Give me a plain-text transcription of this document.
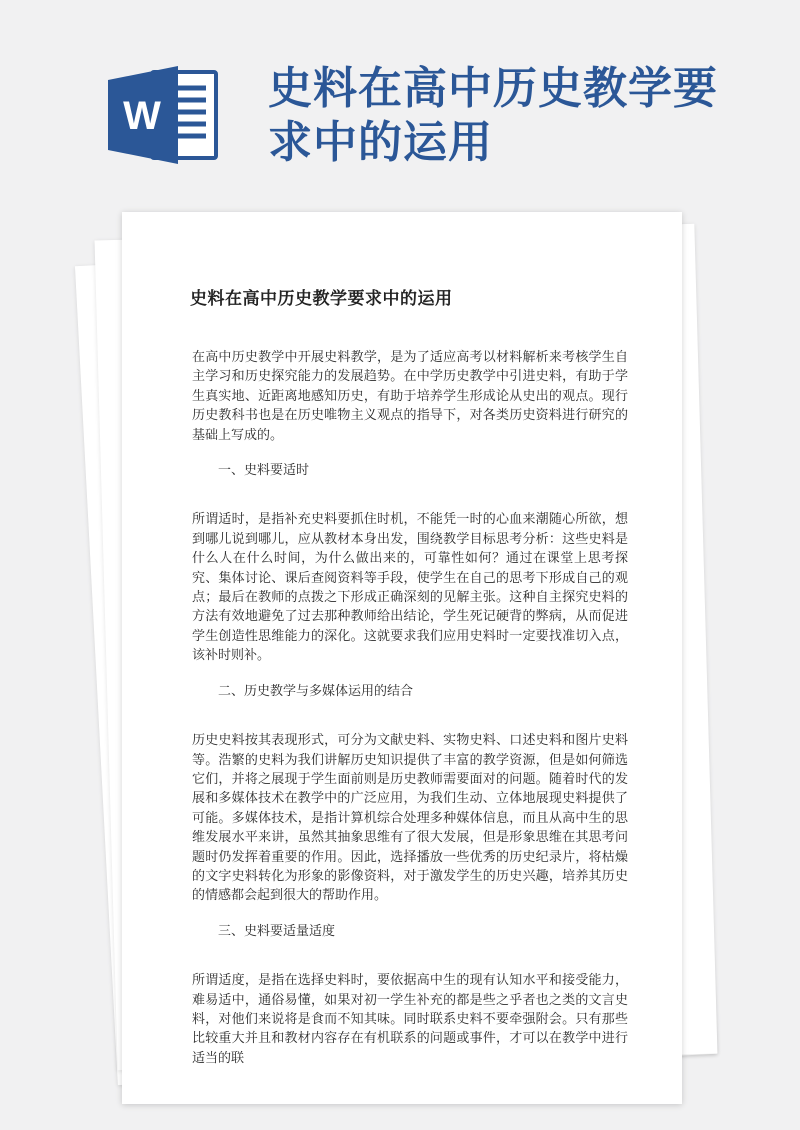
W
史料在高中历史教学要求中的运用
史料在高中历史教学要求中的运用

在高中历史教学中开展史料教学，是为了适应高考以材料解析来考核学生自主学习和历史探究能力的发展趋势。在中学历史教学中引进史料，有助于学生真实地、近距离地感知历史，有助于培养学生形成论从史出的观点。现行历史教科书也是在历史唯物主义观点的指导下，对各类历史资料进行研究的基础上写成的。

一、史料要适时

所谓适时，是指补充史料要抓住时机，不能凭一时的心血来潮随心所欲，想到哪儿说到哪儿，应从教材本身出发，围绕教学目标思考分析：这些史料是什么人在什么时间，为什么做出来的，可靠性如何？通过在课堂上思考探究、集体讨论、课后查阅资料等手段，使学生在自己的思考下形成自己的观点；最后在教师的点拨之下形成正确深刻的见解主张。这种自主探究史料的方法有效地避免了过去那种教师给出结论，学生死记硬背的弊病，从而促进学生创造性思维能力的深化。这就要求我们应用史料时一定要找准切入点，该补时则补。

二、历史教学与多媒体运用的结合

历史史料按其表现形式，可分为文献史料、实物史料、口述史料和图片史料等。浩繁的史料为我们讲解历史知识提供了丰富的教学资源，但是如何筛选它们，并将之展现于学生面前则是历史教师需要面对的问题。随着时代的发展和多媒体技术在教学中的广泛应用，为我们生动、立体地展现史料提供了可能。多媒体技术，是指计算机综合处理多种媒体信息，而且从高中生的思维发展水平来讲，虽然其抽象思维有了很大发展，但是形象思维在其思考问题时仍发挥着重要的作用。因此，选择播放一些优秀的历史纪录片，将枯燥的文字史料转化为形象的影像资料，对于激发学生的历史兴趣，培养其历史的情感都会起到很大的帮助作用。

三、史料要适量适度

所谓适度，是指在选择史料时，要依据高中生的现有认知水平和接受能力，难易适中，通俗易懂，如果对初一学生补充的都是些之乎者也之类的文言史料，对他们来说将是食而不知其味。同时联系史料不要牵强附会。只有那些比较重大并且和教材内容存在有机联系的问题或事件，才可以在教学中进行适当的联
